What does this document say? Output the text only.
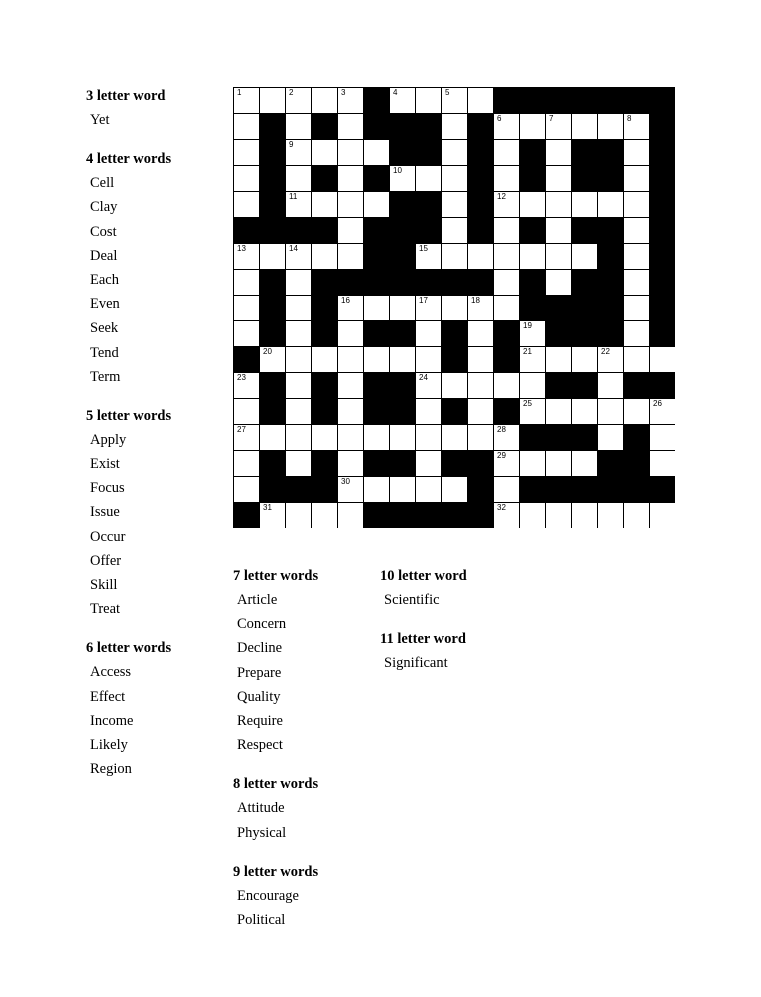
3 letter word
Yet
4 letter words
Cell
Clay
Cost
Deal
Each
Even
Seek
Tend
Term
5 letter words
Apply
Exist
Focus
Issue
Occur
Offer
Skill
Treat
6 letter words
Access
Effect
Income
Likely
Region
7 letter words
Article
Concern
Decline
Prepare
Quality
Require
Respect
8 letter words
Attitude
Physical
9 letter words
Encourage
Political
10 letter word
Scientific
11 letter word
Significant
1	2	3	4	5
6	7	8
9
10
11	12
13	14	15
16	17	18
19
20	21	22
23	24
25	26
27	28
29
30
31	32
